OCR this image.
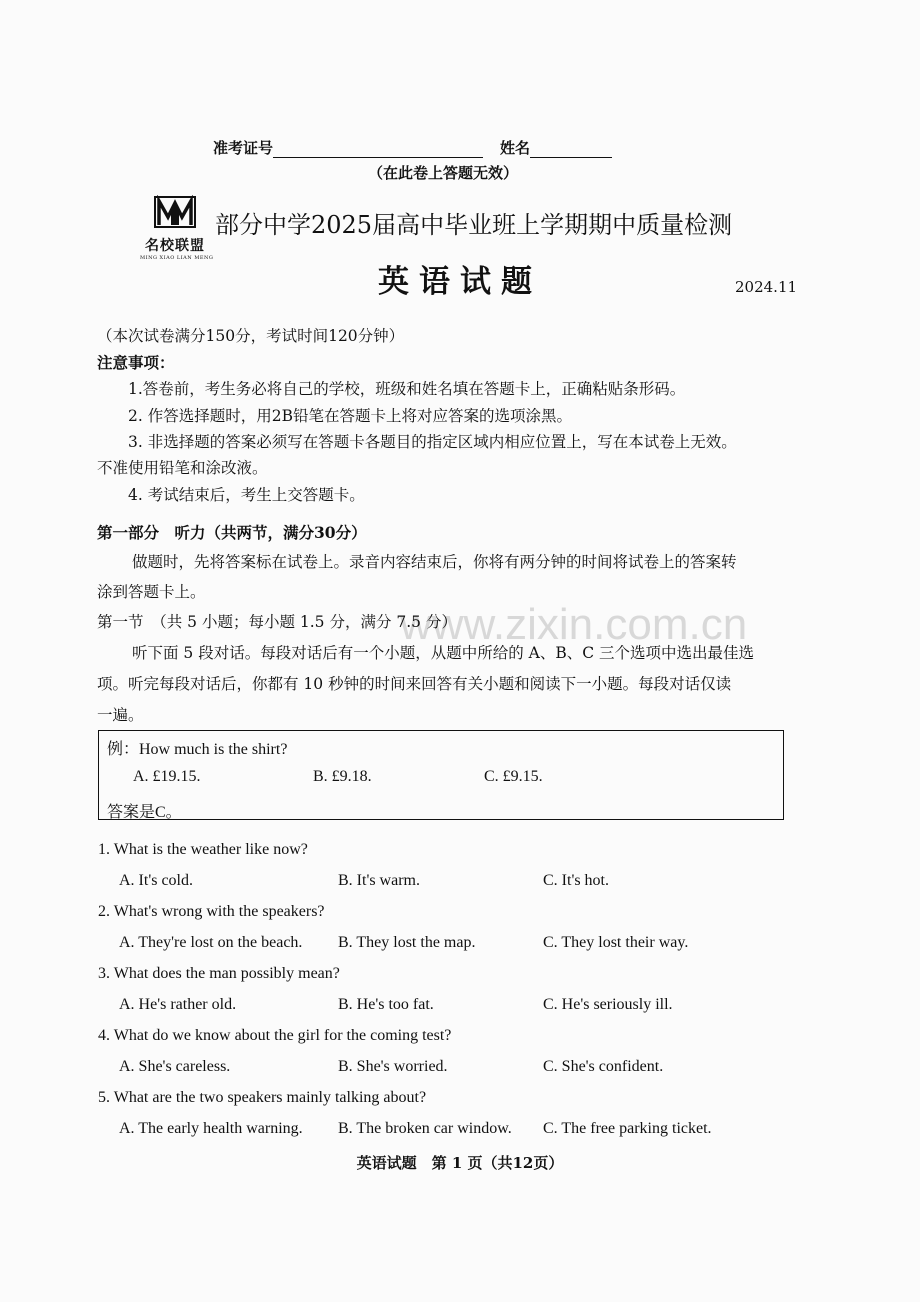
准考证号	姓名
（在此卷上答题无效）
名校联盟
MING XIAO LIAN MENG
部分中学2025届高中毕业班上学期期中质量检测
英语试题	2024.11
（本次试卷满分150分，考试时间120分钟）
注意事项：
1.答卷前，考生务必将自己的学校，班级和姓名填在答题卡上，正确粘贴条形码。
2. 作答选择题时，用2B铅笔在答题卡上将对应答案的选项涂黑。
3. 非选择题的答案必须写在答题卡各题目的指定区域内相应位置上，写在本试卷上无效。
不准使用铅笔和涂改液。
4. 考试结束后，考生上交答题卡。
第一部分　听力（共两节，满分30分）
做题时，先将答案标在试卷上。录音内容结束后，你将有两分钟的时间将试卷上的答案转
涂到答题卡上。
www.zixin.com.cn
第一节　（共 5 小题；每小题 1.5 分，满分 7.5 分）
听下面 5 段对话。每段对话后有一个小题，从题中所给的 A、B、C 三个选项中选出最佳选
项。听完每段对话后，你都有 10 秒钟的时间来回答有关小题和阅读下一小题。每段对话仅读
一遍。
例：How much is the shirt?
A. £19.15.	B. £9.18.	C. £9.15.
答案是C。
1. What is the weather like now?
A. It's cold.	B. It's warm.	C. It's hot.
2. What's wrong with the speakers?
A. They're lost on the beach. B. They lost the map.	C. They lost their way.
3. What does the man possibly mean?
A. He's rather old.	B. He's too fat.	C. He's seriously ill.
4. What do we know about the girl for the coming test?
A. She's careless.	B. She's worried.	C. She's confident.
5. What are the two speakers mainly talking about?
A. The early health warning. B. The broken car window. C. The free parking ticket.
英语试题　第 1 页（共12页）
